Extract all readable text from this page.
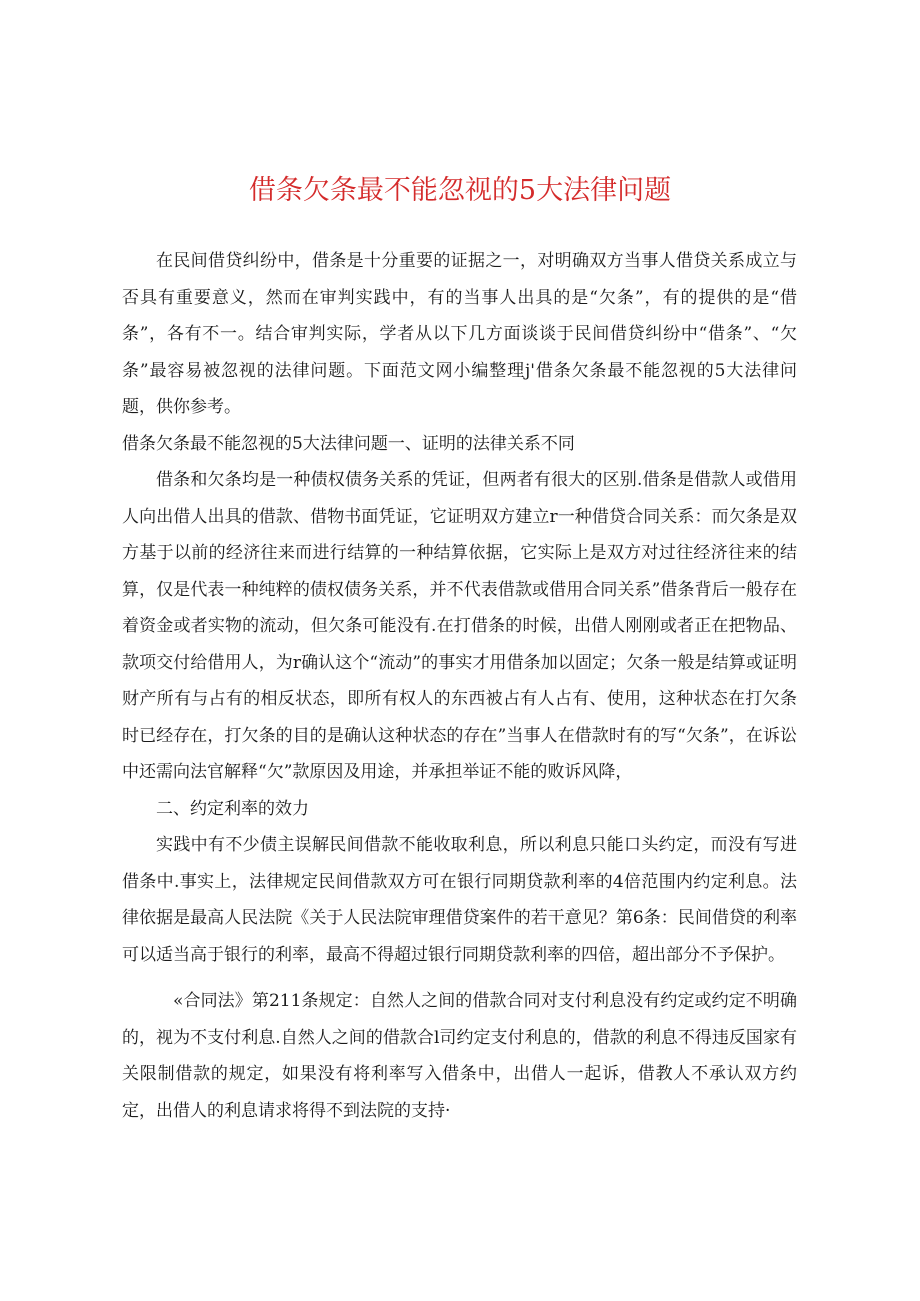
借条欠条最不能忽视的5大法律问题

在民间借贷纠纷中，借条是十分重要的证据之一，对明确双方当事人借贷关系成立与否具有重要意义，然而在审判实践中，有的当事人出具的是“欠条”，有的提供的是“借条”，各有不一。结合审判实际，学者从以下几方面谈谈于民间借贷纠纷中“借条”、“欠条”最容易被忽视的法律问题。下面范文网小编整理j'借条欠条最不能忽视的5大法律问题，供你参考。

借条欠条最不能忽视的5大法律问题一、证明的法律关系不同

借条和欠条均是一种债权债务关系的凭证，但两者有很大的区别.借条是借款人或借用人向出借人出具的借款、借物书面凭证，它证明双方建立r一种借贷合同关系：而欠条是双方基于以前的经济往来而进行结算的一种结算依据，它实际上是双方对过往经济往来的结算，仅是代表一种纯粹的债权债务关系，并不代表借款或借用合同关系”借条背后一般存在着资金或者实物的流动，但欠条可能没有.在打借条的时候，出借人刚刚或者正在把物品、款项交付给借用人，为r确认这个“流动”的事实才用借条加以固定；欠条一般是结算或证明财产所有与占有的相反状态，即所有权人的东西被占有人占有、使用，这种状态在打欠条时已经存在，打欠条的目的是确认这种状态的存在”当事人在借款时有的写“欠条”，在诉讼中还需向法官解释“欠”款原因及用途，并承担举证不能的败诉风降，

二、约定利率的效力

实践中有不少债主误解民间借款不能收取利息，所以利息只能口头约定，而没有写进借条中.事实上，法律规定民间借款双方可在银行同期贷款利率的4倍范围内约定利息。法律依据是最高人民法院《关于人民法院审理借贷案件的若干意见？第6条：民间借贷的利率可以适当高于银行的利率，最高不得超过银行同期贷款利率的四倍，超出部分不予保护。

«合同法》第211条规定：自然人之间的借款合同对支付利息没有约定或约定不明确的，视为不支付利息.自然人之间的借款合l司约定支付利息的，借款的利息不得违反国家有关限制借款的规定，如果没有将利率写入借条中，出借人一起诉，借教人不承认双方约定，出借人的利息请求将得不到法院的支持·
